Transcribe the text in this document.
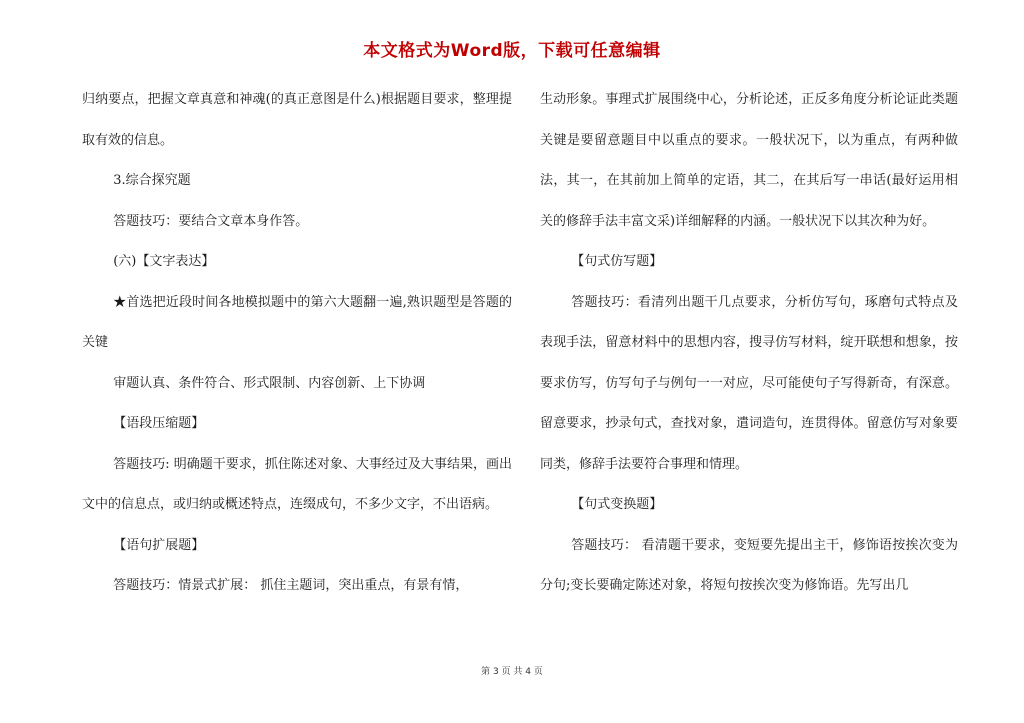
本文格式为Word版，下载可任意编辑

归纳要点，把握文章真意和神魂(的真正意图是什么)根据题目要求，整理提取有效的信息。

3.综合探究题

答题技巧：要结合文章本身作答。

(六)【文字表达】

★首选把近段时间各地模拟题中的第六大题翻一遍,熟识题型是答题的关键

审题认真、条件符合、形式限制、内容创新、上下协调

【语段压缩题】

答题技巧: 明确题干要求，抓住陈述对象、大事经过及大事结果，画出文中的信息点，或归纳或概述特点，连缀成句，不多少文字，不出语病。

【语句扩展题】

答题技巧：情景式扩展： 抓住主题词，突出重点，有景有情，

生动形象。事理式扩展围绕中心，分析论述，正反多角度分析论证此类题关键是要留意题目中以重点的要求。一般状况下，以为重点，有两种做法，其一，在其前加上简单的定语，其二，在其后写一串话(最好运用相关的修辞手法丰富文采)详细解释的内涵。一般状况下以其次种为好。

【句式仿写题】

答题技巧：看清列出题干几点要求，分析仿写句，琢磨句式特点及表现手法，留意材料中的思想内容，搜寻仿写材料，绽开联想和想象，按要求仿写，仿写句子与例句一一对应，尽可能使句子写得新奇，有深意。 留意要求，抄录句式，查找对象，遣词造句，连贯得体。留意仿写对象要同类，修辞手法要符合事理和情理。

【句式变换题】

答题技巧： 看清题干要求，变短要先提出主干，修饰语按挨次变为分句;变长要确定陈述对象，将短句按挨次变为修饰语。先写出几

第 3 页 共 4 页
